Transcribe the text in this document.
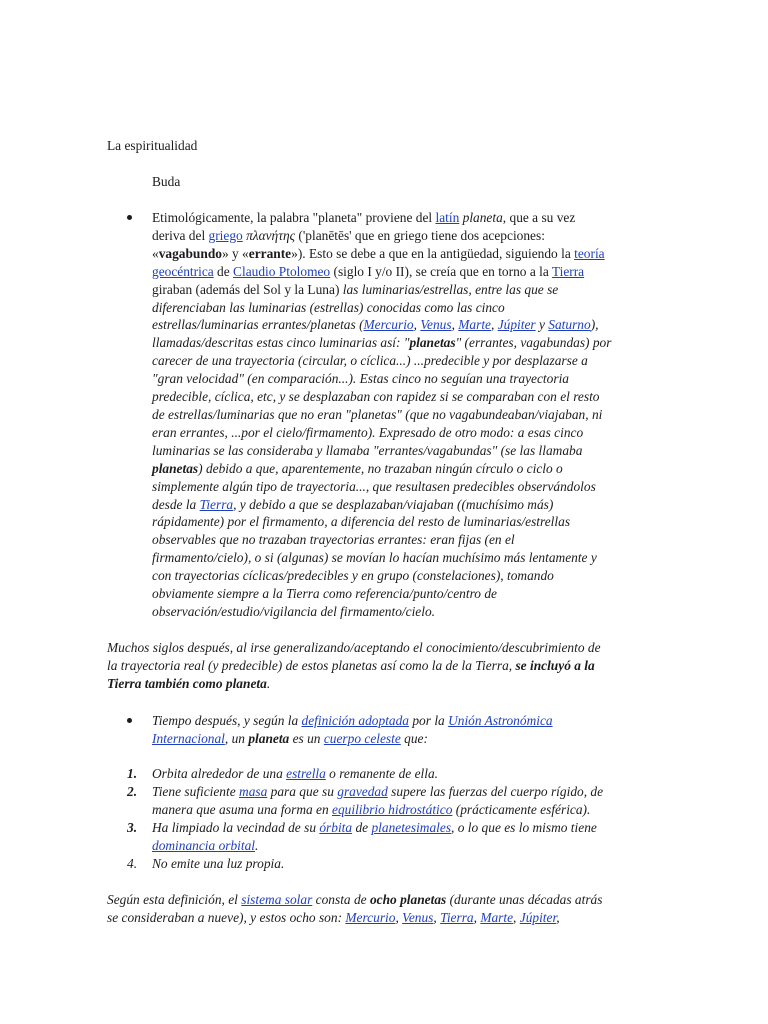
La espiritualidad

Buda

Etimológicamente, la palabra "planeta" proviene del latín planeta, que a su vez
deriva del griego πλανήτης ('planētēs' que en griego tiene dos acepciones:
«vagabundo» y «errante»). Esto se debe a que en la antigüedad, siguiendo la teoría
geocéntrica de Claudio Ptolomeo (siglo I y/o II), se creía que en torno a la Tierra
giraban (además del Sol y la Luna) las luminarias/estrellas, entre las que se
diferenciaban las luminarias (estrellas) conocidas como las cinco
estrellas/luminarias errantes/planetas (Mercurio, Venus, Marte, Júpiter y Saturno),
llamadas/descritas estas cinco luminarias así: "planetas" (errantes, vagabundas) por
carecer de una trayectoria (circular, o cíclica...) ...predecible y por desplazarse a
"gran velocidad" (en comparación...). Estas cinco no seguían una trayectoria
predecible, cíclica, etc, y se desplazaban con rapidez si se comparaban con el resto
de estrellas/luminarias que no eran "planetas" (que no vagabundeaban/viajaban, ni
eran errantes, ...por el cielo/firmamento). Expresado de otro modo: a esas cinco
luminarias se las consideraba y llamaba "errantes/vagabundas" (se las llamaba
planetas) debido a que, aparentemente, no trazaban ningún círculo o ciclo o
simplemente algún tipo de trayectoria..., que resultasen predecibles observándolos
desde la Tierra, y debido a que se desplazaban/viajaban ((muchísimo más)
rápidamente) por el firmamento, a diferencia del resto de luminarias/estrellas
observables que no trazaban trayectorias errantes: eran fijas (en el
firmamento/cielo), o si (algunas) se movían lo hacían muchísimo más lentamente y
con trayectorias cíclicas/predecibles y en grupo (constelaciones), tomando
obviamente siempre a la Tierra como referencia/punto/centro de
observación/estudio/vigilancia del firmamento/cielo.
Muchos siglos después, al irse generalizando/aceptando el conocimiento/descubrimiento de
la trayectoria real (y predecible) de estos planetas así como la de la Tierra, se incluyó a la
Tierra también como planeta.
Tiempo después, y según la definición adoptada por la Unión Astronómica
Internacional, un planeta es un cuerpo celeste que:
1.	Orbita alrededor de una estrella o remanente de ella.
2.	Tiene suficiente masa para que su gravedad supere las fuerzas del cuerpo rígido, de
manera que asuma una forma en equilibrio hidrostático (prácticamente esférica).
3.	Ha limpiado la vecindad de su órbita de planetesimales, o lo que es lo mismo tiene
dominancia orbital.
4.	No emite una luz propia.
Según esta definición, el sistema solar consta de ocho planetas (durante unas décadas atrás
se consideraban a nueve), y estos ocho son: Mercurio, Venus, Tierra, Marte, Júpiter,
